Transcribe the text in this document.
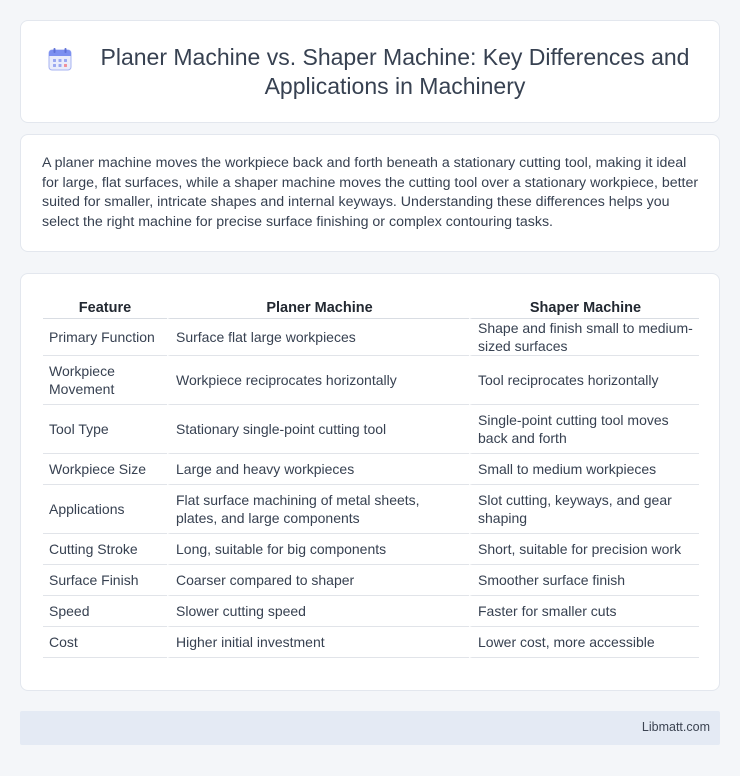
Planer Machine vs. Shaper Machine: Key Differences and Applications in Machinery

A planer machine moves the workpiece back and forth beneath a stationary cutting tool, making it ideal for large, flat surfaces, while a shaper machine moves the cutting tool over a stationary workpiece, better suited for smaller, intricate shapes and internal keyways. Understanding these differences helps you select the right machine for precise surface finishing or complex contouring tasks.

Feature	Planer Machine	Shaper Machine
Primary Function	Surface flat large workpieces	Shape and finish small to medium-sized surfaces
Workpiece Movement	Workpiece reciprocates horizontally	Tool reciprocates horizontally
Tool Type	Stationary single-point cutting tool	Single-point cutting tool moves back and forth
Workpiece Size	Large and heavy workpieces	Small to medium workpieces
Applications	Flat surface machining of metal sheets, plates, and large components	Slot cutting, keyways, and gear shaping
Cutting Stroke	Long, suitable for big components	Short, suitable for precision work
Surface Finish	Coarser compared to shaper	Smoother surface finish
Speed	Slower cutting speed	Faster for smaller cuts
Cost	Higher initial investment	Lower cost, more accessible
Libmatt.com
